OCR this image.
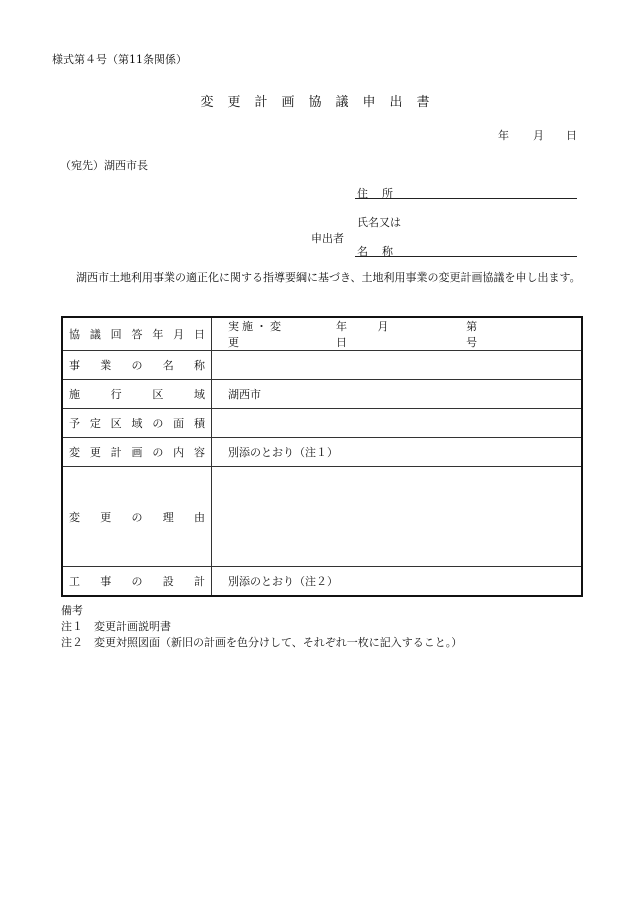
様式第４号（第11条関係）
変更計画協議申出書
年 月 日
（宛先）湖西市長
住所
申出者
氏名又は
名称
湖西市土地利用事業の適正化に関する指導要綱に基づき、土地利用事業の変更計画協議を申し出ます。
協議回答年月日	実施・変更
年 月 日
第 号

事業の名称	
施行区域	湖西市
予定区域の面積	
変更計画の内容	別添のとおり（注１）
変更の理由	
工事の設計	別添のとおり（注２）
備考
注１　変更計画説明書
注２　変更対照図面（新旧の計画を色分けして、それぞれ一枚に記入すること。）
